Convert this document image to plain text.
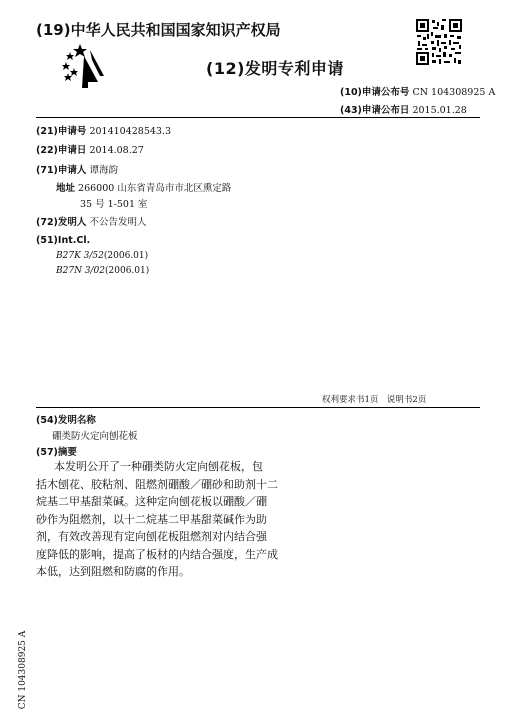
(19)中华人民共和国国家知识产权局
(12)发明专利申请
(10)申请公布号 CN 104308925 A
(43)申请公布日 2015.01.28
(21)申请号 201410428543.3
(22)申请日 2014.08.27
(71)申请人 谭海韵
地址 266000 山东省青岛市市北区熏定路
35 号 1-501 室
(72)发明人 不公告发明人
(51)Int.Cl.
B27K 3/52(2006.01)
B27N 3/02(2006.01)
权利要求书1页　说明书2页
(54)发明名称
硼类防火定向刨花板
(57)摘要
本发明公开了一种硼类防火定向刨花板，包
括木刨花、胶粘剂、阻燃剂硼酸／硼砂和助剂十二
烷基二甲基甜菜碱。这种定向刨花板以硼酸／硼
砂作为阻燃剂，以十二烷基二甲基甜菜碱作为助
剂，有效改善现有定向刨花板阻燃剂对内结合强
度降低的影响，提高了板材的内结合强度，生产成
本低，达到阻燃和防腐的作用。
CN 104308925 A
